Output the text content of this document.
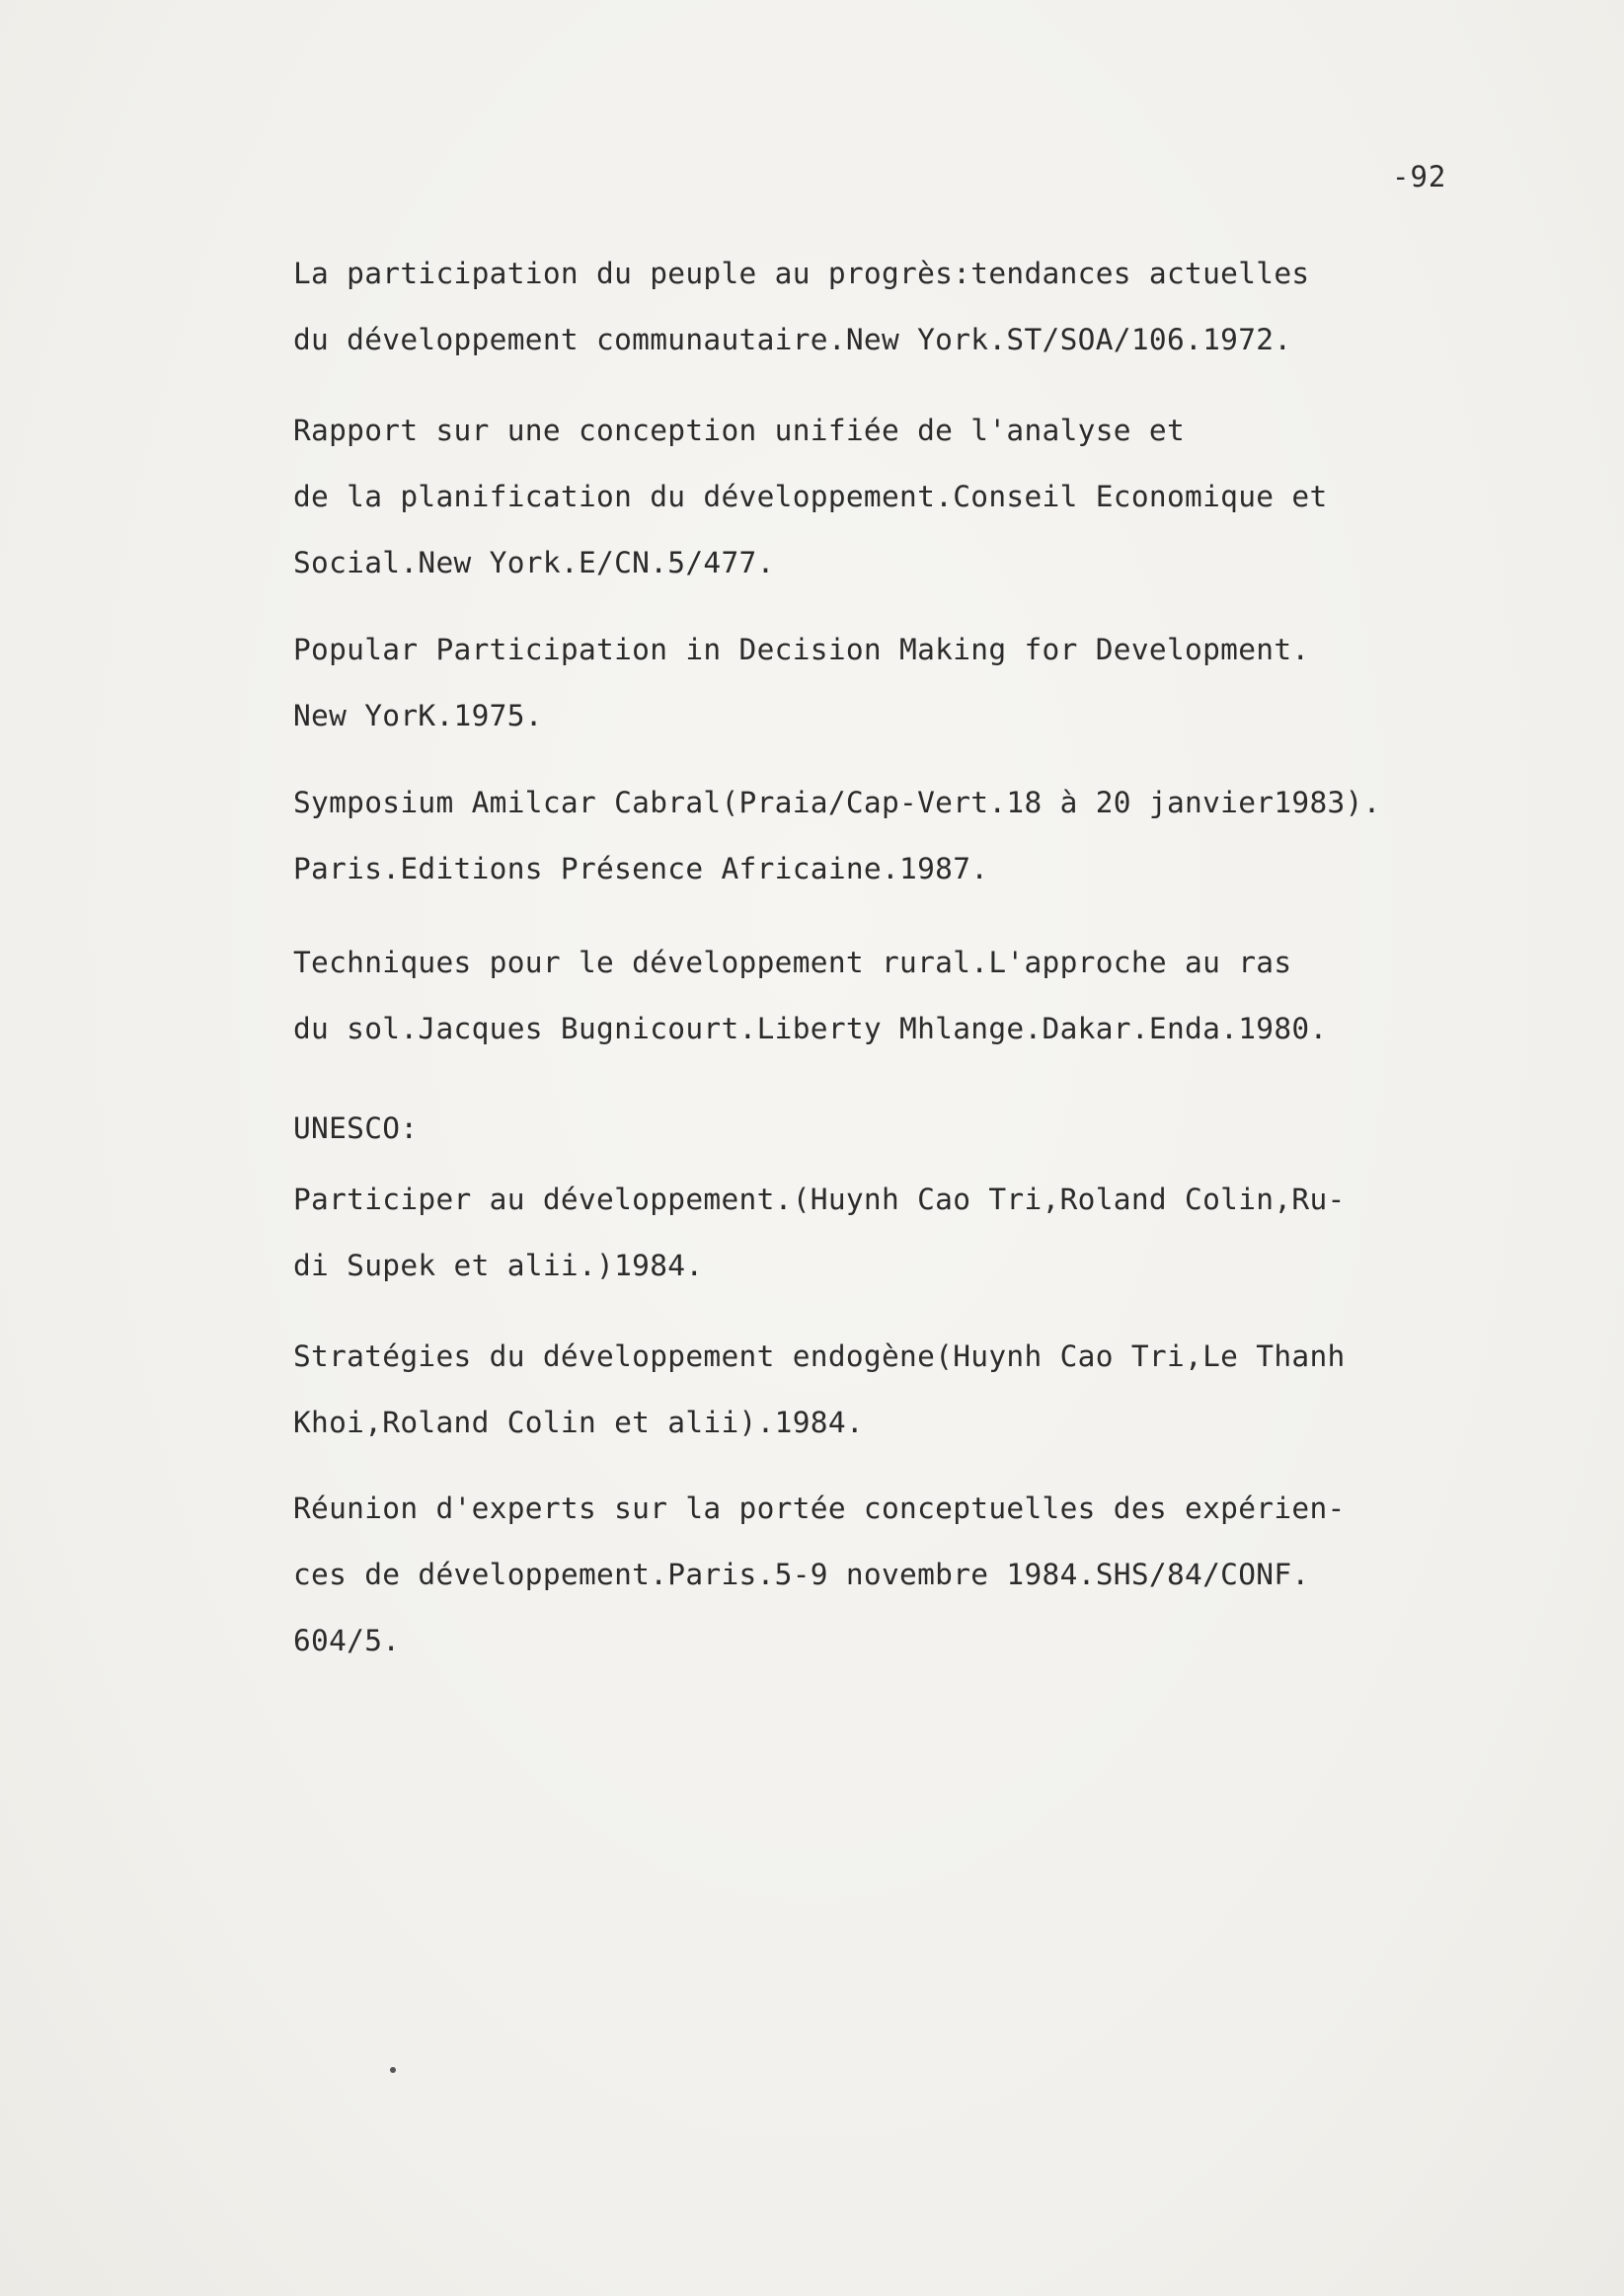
-92
La participation du peuple au progrès:tendances actuelles
du développement communautaire.New York.ST/SOA/106.1972.
Rapport sur une conception unifiée de l'analyse et
de la planification du développement.Conseil Economique et
Social.New York.E/CN.5/477.
Popular Participation in Decision Making for Development.
New YorK.1975.
Symposium Amilcar Cabral(Praia/Cap-Vert.18 à 20 janvier1983).
Paris.Editions Présence Africaine.1987.
Techniques pour le développement rural.L'approche au ras
du sol.Jacques Bugnicourt.Liberty Mhlange.Dakar.Enda.1980.
UNESCO:
Participer au développement.(Huynh Cao Tri,Roland Colin,Ru-
di Supek et alii.)1984.
Stratégies du développement endogène(Huynh Cao Tri,Le Thanh
Khoi,Roland Colin et alii).1984.
Réunion d'experts sur la portée conceptuelles des expérien-
ces de développement.Paris.5-9 novembre 1984.SHS/84/CONF.
604/5.
